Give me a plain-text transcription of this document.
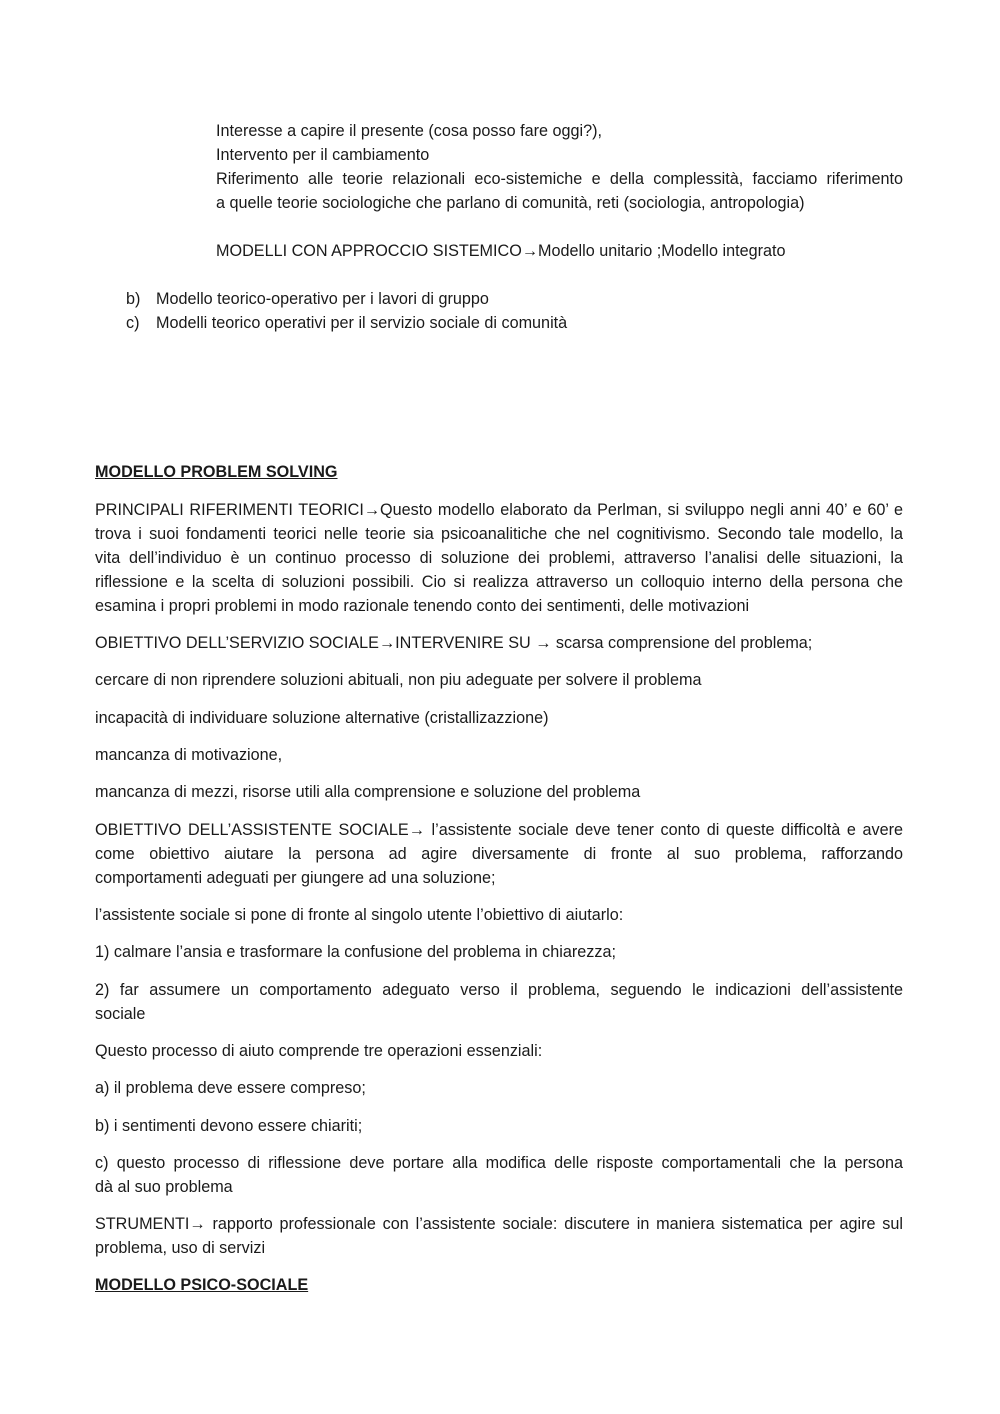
Interesse a capire il presente (cosa posso fare oggi?),
Intervento per il cambiamento
Riferimento alle teorie relazionali eco-sistemiche e della complessità, facciamo riferimento
a quelle teorie sociologiche che parlano di comunità, reti (sociologia, antropologia)
MODELLI CON APPROCCIO SISTEMICO→Modello unitario ;Modello integrato
b) Modello teorico-operativo per i lavori di gruppo
c) Modelli teorico operativi per il servizio sociale di comunità
MODELLO PROBLEM SOLVING
PRINCIPALI RIFERIMENTI TEORICI→Questo modello elaborato da Perlman, si sviluppo negli anni 40’ e 60’ e
trova i suoi fondamenti teorici nelle teorie sia psicoanalitiche che nel cognitivismo. Secondo tale modello, la
vita dell’individuo è un continuo processo di soluzione dei problemi, attraverso l’analisi delle situazioni, la
riflessione e la scelta di soluzioni possibili. Cio si realizza attraverso un colloquio interno della persona che
esamina i propri problemi in modo razionale tenendo conto dei sentimenti, delle motivazioni
OBIETTIVO DELL’SERVIZIO SOCIALE→INTERVENIRE SU → scarsa comprensione del problema;
cercare di non riprendere soluzioni abituali, non piu adeguate per solvere il problema
incapacità di individuare soluzione alternative (cristallizazzione)
mancanza di motivazione,
mancanza di mezzi, risorse utili alla comprensione e soluzione del problema
OBIETTIVO DELL’ASSISTENTE SOCIALE→ l’assistente sociale deve tener conto di queste difficoltà e avere
come obiettivo aiutare la persona ad agire diversamente di fronte al suo problema, rafforzando
comportamenti adeguati per giungere ad una soluzione;
l’assistente sociale si pone di fronte al singolo utente l’obiettivo di aiutarlo:
1) calmare l’ansia e trasformare la confusione del problema in chiarezza;
2) far assumere un comportamento adeguato verso il problema, seguendo le indicazioni dell’assistente
sociale
Questo processo di aiuto comprende tre operazioni essenziali:
a) il problema deve essere compreso;
b) i sentimenti devono essere chiariti;
c) questo processo di riflessione deve portare alla modifica delle risposte comportamentali che la persona
dà al suo problema
STRUMENTI→ rapporto professionale con l’assistente sociale: discutere in maniera sistematica per agire sul
problema, uso di servizi
MODELLO PSICO-SOCIALE
